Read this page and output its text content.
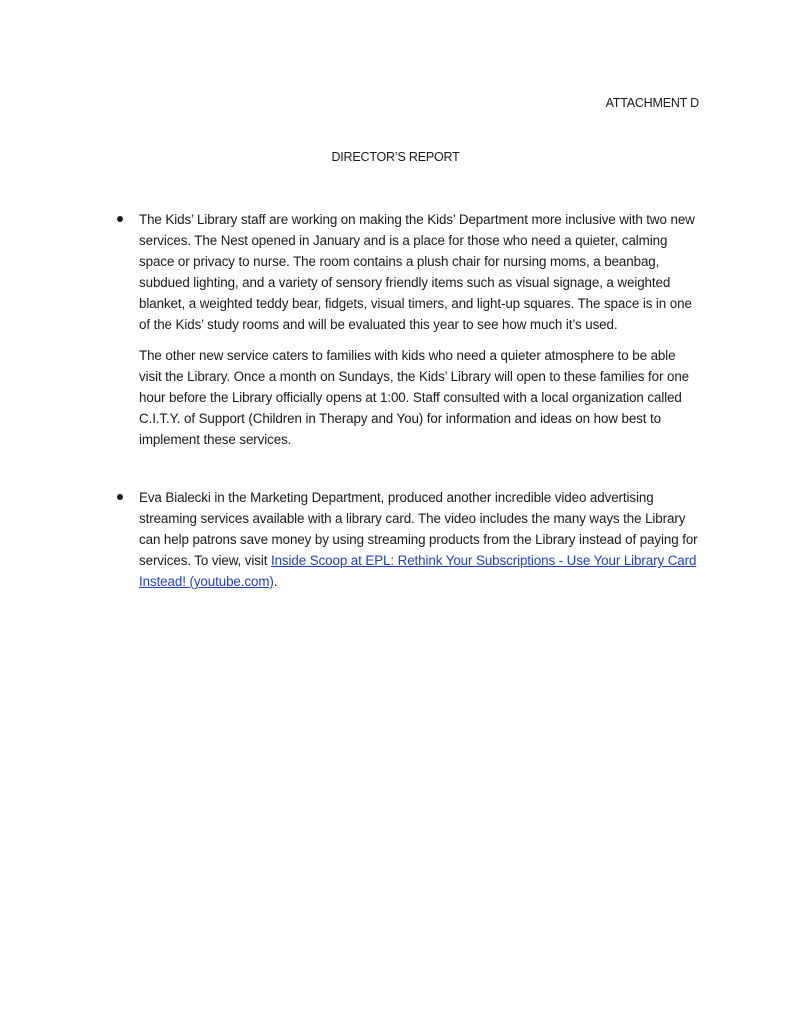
ATTACHMENT D
DIRECTOR’S REPORT

The Kids’ Library staff are working on making the Kids’ Department more inclusive with two new services. The Nest opened in January and is a place for those who need a quieter, calming space or privacy to nurse. The room contains a plush chair for nursing moms, a beanbag, subdued lighting, and a variety of sensory friendly items such as visual signage, a weighted blanket, a weighted teddy bear, fidgets, visual timers, and light-up squares. The space is in one of the Kids’ study rooms and will be evaluated this year to see how much it’s used.

The other new service caters to families with kids who need a quieter atmosphere to be able visit the Library. Once a month on Sundays, the Kids’ Library will open to these families for one hour before the Library officially opens at 1:00. Staff consulted with a local organization called C.I.T.Y. of Support (Children in Therapy and You) for information and ideas on how best to implement these services.

Eva Bialecki in the Marketing Department, produced another incredible video advertising streaming services available with a library card. The video includes the many ways the Library can help patrons save money by using streaming products from the Library instead of paying for services. To view, visit Inside Scoop at EPL: Rethink Your Subscriptions - Use Your Library Card Instead! (youtube.com).
